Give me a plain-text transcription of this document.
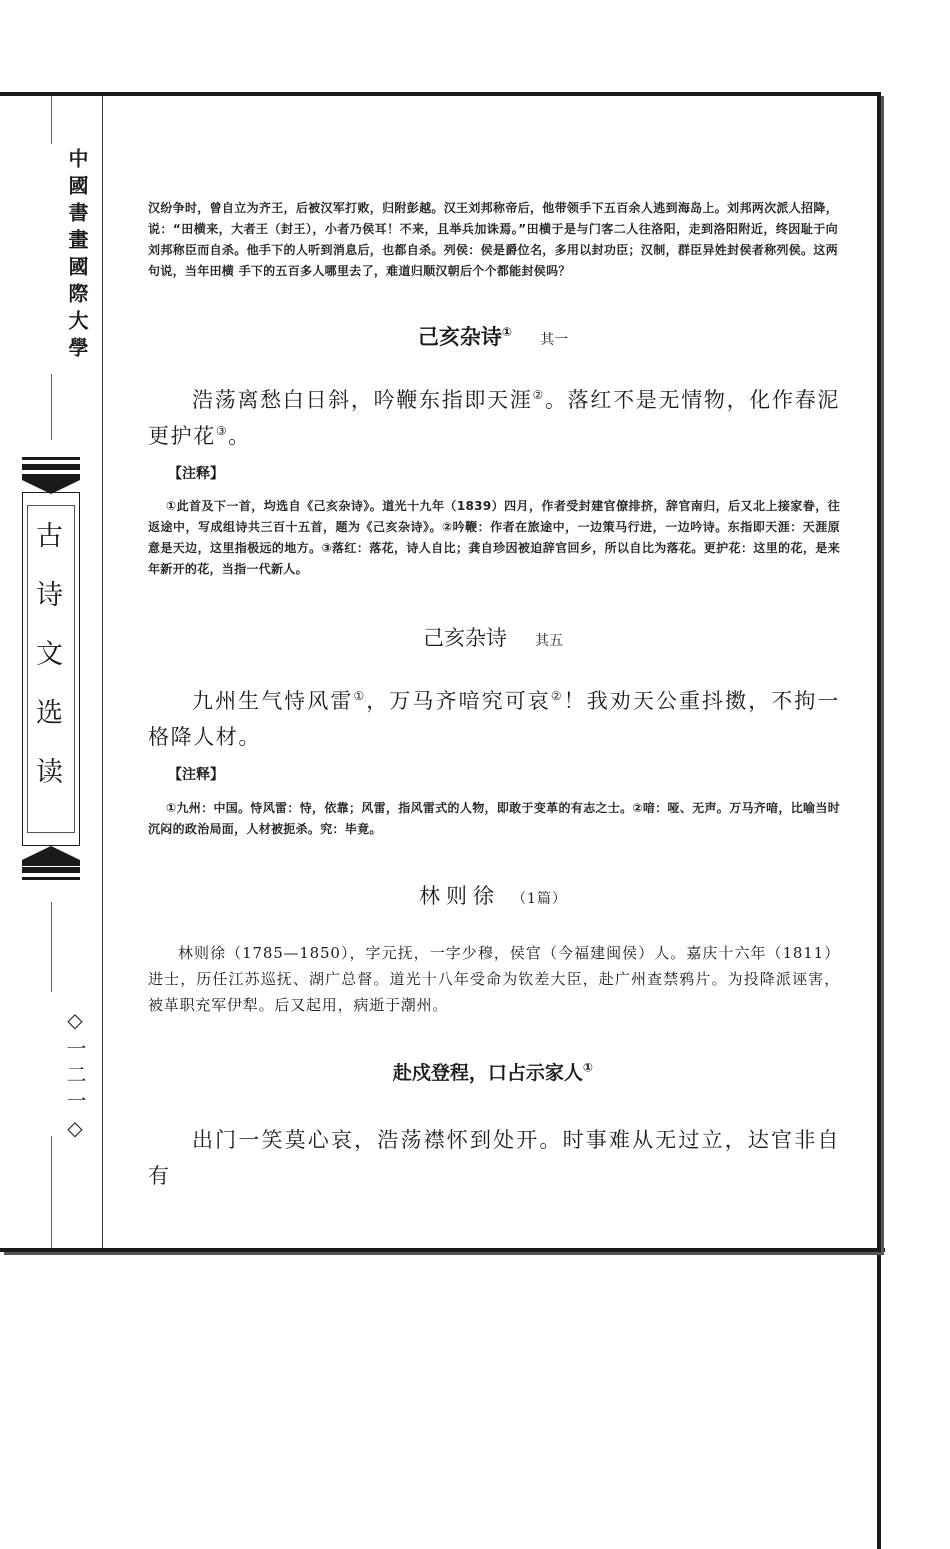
中國書畫國際大學
古诗文选读
◇一二一◇
汉纷争时，曾自立为齐王，后被汉军打败，归附彭越。汉王刘邦称帝后，他带领手下五百余人逃到海岛上。刘邦两次派人招降，说：“田横来，大者王（封王），小者乃侯耳！不来，且举兵加诛焉。”田横于是与门客二人往洛阳，走到洛阳附近，终因耻于向刘邦称臣而自杀。他手下的人听到消息后，也都自杀。列侯：侯是爵位名，多用以封功臣；汉制，群臣异姓封侯者称列侯。这两句说，当年田横 手下的五百多人哪里去了，难道归顺汉朝后个个都能封侯吗？
己亥杂诗① 其一
浩荡离愁白日斜，吟鞭东指即天涯②。落红不是无情物，化作春泥更护花③。
【注释】
①此首及下一首，均选自《己亥杂诗》。道光十九年（1839）四月，作者受封建官僚排挤，辞官南归，后又北上接家眷，往返途中，写成组诗共三百十五首，题为《己亥杂诗》。②吟鞭：作者在旅途中，一边策马行进，一边吟诗。东指即天涯：天涯原意是天边，这里指极远的地方。③落红：落花，诗人自比；龚自珍因被迫辞官回乡，所以自比为落花。更护花：这里的花，是来年新开的花，当指一代新人。
己亥杂诗 其五
九州生气恃风雷①，万马齐喑究可哀②！我劝天公重抖擞，不拘一格降人材。
【注释】
①九州：中国。恃风雷：恃，依靠；风雷，指风雷式的人物，即敢于变革的有志之士。②喑：哑、无声。万马齐喑，比喻当时沉闷的政治局面，人材被扼杀。究：毕竟。
林则徐 （1篇）
林则徐（1785—1850），字元抚，一字少穆，侯官（今福建闽侯）人。嘉庆十六年（1811）进士，历任江苏巡抚、湖广总督。道光十八年受命为钦差大臣，赴广州查禁鸦片。为投降派诬害，被革职充军伊犁。后又起用，病逝于潮州。
赴戍登程，口占示家人①
出门一笑莫心哀，浩荡襟怀到处开。时事难从无过立，达官非自有
